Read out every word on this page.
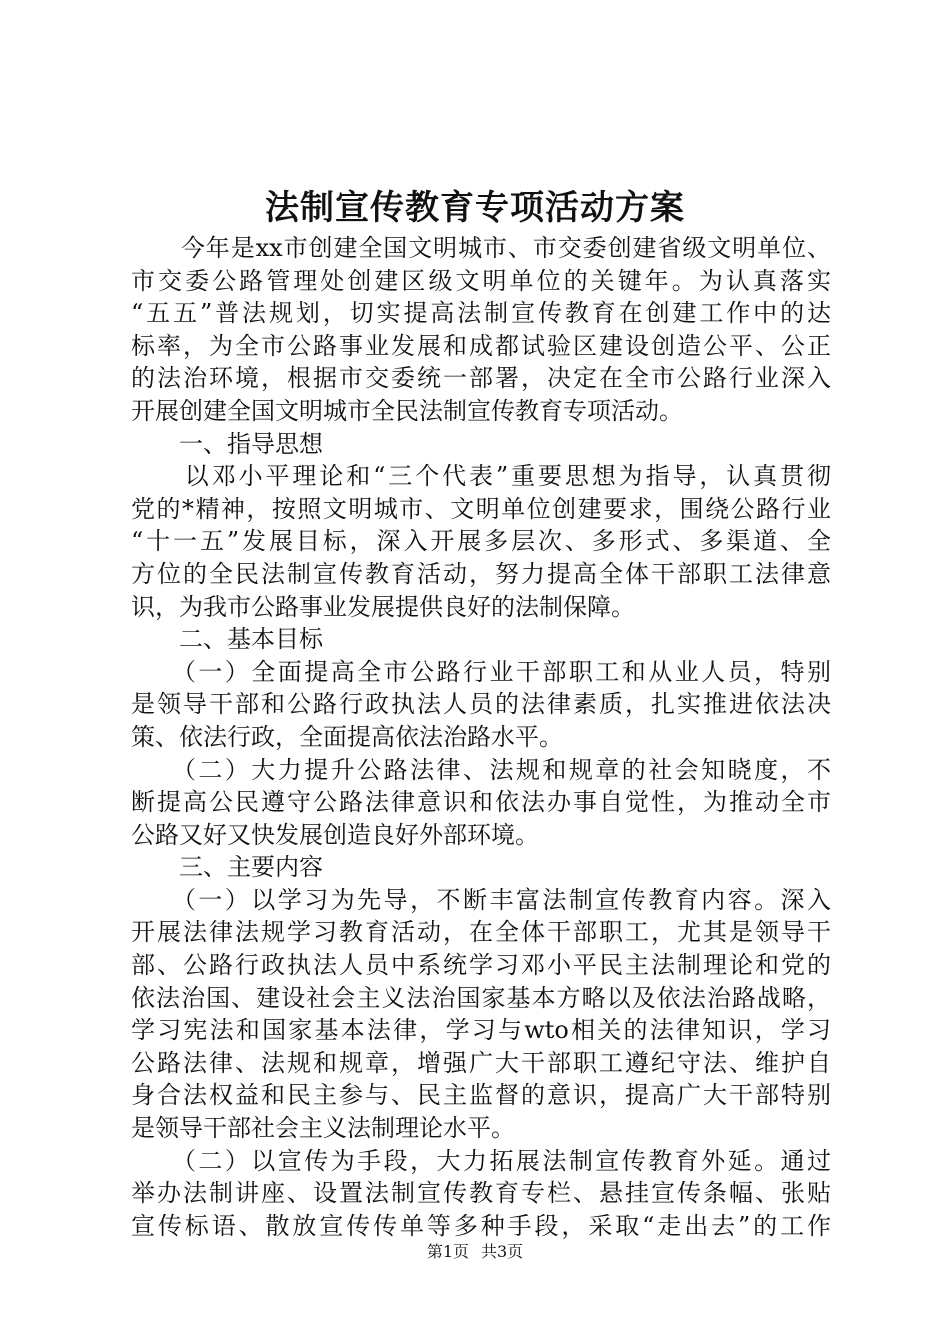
法制宣传教育专项活动方案
　　今年是xx市创建全国文明城市、市交委创建省级文明单位、
市交委公路管理处创建区级文明单位的关键年。为认真落实
“五五”普法规划，切实提高法制宣传教育在创建工作中的达
标率，为全市公路事业发展和成都试验区建设创造公平、公正
的法治环境，根据市交委统一部署，决定在全市公路行业深入
开展创建全国文明城市全民法制宣传教育专项活动。
　　一、指导思想
　　以邓小平理论和“三个代表”重要思想为指导，认真贯彻
党的*精神，按照文明城市、文明单位创建要求，围绕公路行业
“十一五”发展目标，深入开展多层次、多形式、多渠道、全
方位的全民法制宣传教育活动，努力提高全体干部职工法律意
识，为我市公路事业发展提供良好的法制保障。
　　二、基本目标
　　（一）全面提高全市公路行业干部职工和从业人员，特别
是领导干部和公路行政执法人员的法律素质，扎实推进依法决
策、依法行政，全面提高依法治路水平。
　　（二）大力提升公路法律、法规和规章的社会知晓度，不
断提高公民遵守公路法律意识和依法办事自觉性，为推动全市
公路又好又快发展创造良好外部环境。
　　三、主要内容
　　（一）以学习为先导，不断丰富法制宣传教育内容。深入
开展法律法规学习教育活动，在全体干部职工，尤其是领导干
部、公路行政执法人员中系统学习邓小平民主法制理论和党的
依法治国、建设社会主义法治国家基本方略以及依法治路战略，
学习宪法和国家基本法律，学习与wto相关的法律知识，学习
公路法律、法规和规章，增强广大干部职工遵纪守法、维护自
身合法权益和民主参与、民主监督的意识，提高广大干部特别
是领导干部社会主义法制理论水平。
　　（二）以宣传为手段，大力拓展法制宣传教育外延。通过
举办法制讲座、设置法制宣传教育专栏、悬挂宣传条幅、张贴
宣传标语、散放宣传传单等多种手段，采取“走出去”的工作
第1页 共3页
